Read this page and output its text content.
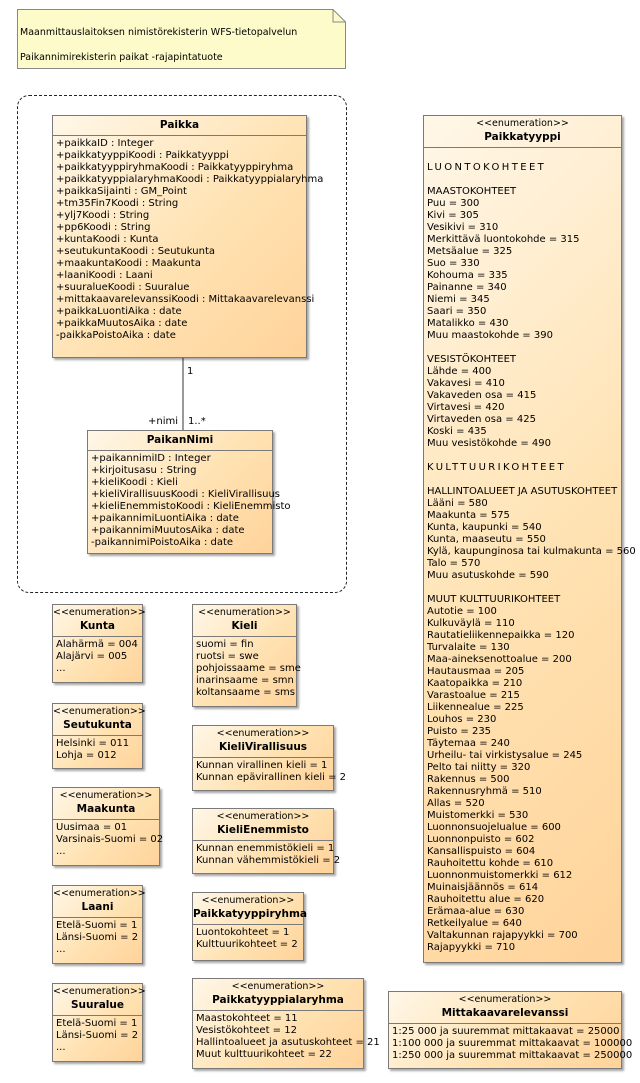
Maanmittauslaitoksen nimistörekisterin WFS-tietopalvelun
Paikannimirekisterin paikat -rajapintatuote
1
+nimi 1..*
Paikka
+paikkaID : Integer
+paikkatyyppiKoodi : Paikkatyyppi
+paikkatyyppiryhmaKoodi : Paikkatyyppiryhma
+paikkatyyppialaryhmaKoodi : Paikkatyyppialaryhma
+paikkaSijainti : GM_Point
+tm35Fin7Koodi : String
+ylj7Koodi : String
+pp6Koodi : String
+kuntaKoodi : Kunta
+seutukuntaKoodi : Seutukunta
+maakuntaKoodi : Maakunta
+laaniKoodi : Laani
+suuralueKoodi : Suuralue
+mittakaavarelevanssiKoodi : Mittakaavarelevanssi
+paikkaLuontiAika : date
+paikkaMuutosAika : date
-paikkaPoistoAika : date
PaikanNimi
+paikannimiID : Integer
+kirjoitusasu : String
+kieliKoodi : Kieli
+kieliVirallisuusKoodi : KieliVirallisuus
+kieliEnemmistoKoodi : KieliEnemmisto
+paikannimiLuontiAika : date
+paikannimiMuutosAika : date
-paikannimiPoistoAika : date
<<enumeration>>
Kunta
Alahärmä = 004
Alajärvi = 005
...
<<enumeration>>
Seutukunta
Helsinki = 011
Lohja = 012
<<enumeration>>
Maakunta
Uusimaa = 01
Varsinais-Suomi = 02
...
<<enumeration>>
Laani
Etelä-Suomi = 1
Länsi-Suomi = 2
...
<<enumeration>>
Suuralue
Etelä-Suomi = 1
Länsi-Suomi = 2
...
<<enumeration>>
Kieli
suomi = fin
ruotsi = swe
pohjoissaame = sme
inarinsaame = smn
koltansaame = sms
<<enumeration>>
KieliVirallisuus
Kunnan virallinen kieli = 1
Kunnan epävirallinen kieli = 2
<<enumeration>>
KieliEnemmisto
Kunnan enemmistökieli = 1
Kunnan vähemmistökieli = 2
<<enumeration>>
Paikkatyyppiryhma
Luontokohteet = 1
Kulttuurikohteet = 2
<<enumeration>>
Paikkatyyppialaryhma
Maastokohteet = 11
Vesistökohteet = 12
Hallintoalueet ja asutuskohteet = 21
Muut kulttuurikohteet = 22
<<enumeration>>
Mittakaavarelevanssi
1:25 000 ja suuremmat mittakaavat = 25000
1:100 000 ja suuremmat mittakaavat = 100000
1:250 000 ja suuremmat mittakaavat = 250000
<<enumeration>>
Paikkatyyppi
LUONTOKOHTEET
MAASTOKOHTEET
Puu = 300
Kivi = 305
Vesikivi = 310
Merkittävä luontokohde = 315
Metsäalue = 325
Suo = 330
Kohouma = 335
Painanne = 340
Niemi = 345
Saari = 350
Matalikko = 430
Muu maastokohde = 390
VESISTÖKOHTEET
Lähde = 400
Vakavesi = 410
Vakaveden osa = 415
Virtavesi = 420
Virtaveden osa = 425
Koski = 435
Muu vesistökohde = 490
KULTTUURIKOHTEET
HALLINTOALUEET JA ASUTUSKOHTEET
Lääni = 580
Maakunta = 575
Kunta, kaupunki = 540
Kunta, maaseutu = 550
Kylä, kaupunginosa tai kulmakunta = 560
Talo = 570
Muu asutuskohde = 590
MUUT KULTTUURIKOHTEET
Autotie = 100
Kulkuväylä = 110
Rautatieliikennepaikka = 120
Turvalaite = 130
Maa-aineksenottoalue = 200
Hautausmaa = 205
Kaatopaikka = 210
Varastoalue = 215
Liikennealue = 225
Louhos = 230
Puisto = 235
Täytemaa = 240
Urheilu- tai virkistysalue = 245
Pelto tai niitty = 320
Rakennus = 500
Rakennusryhmä = 510
Allas = 520
Muistomerkki = 530
Luonnonsuojelualue = 600
Luonnonpuisto = 602
Kansallispuisto = 604
Rauhoitettu kohde = 610
Luonnonmuistomerkki = 612
Muinaisjäännös = 614
Rauhoitettu alue = 620
Erämaa-alue = 630
Retkeilyalue = 640
Valtakunnan rajapyykki = 700
Rajapyykki = 710
